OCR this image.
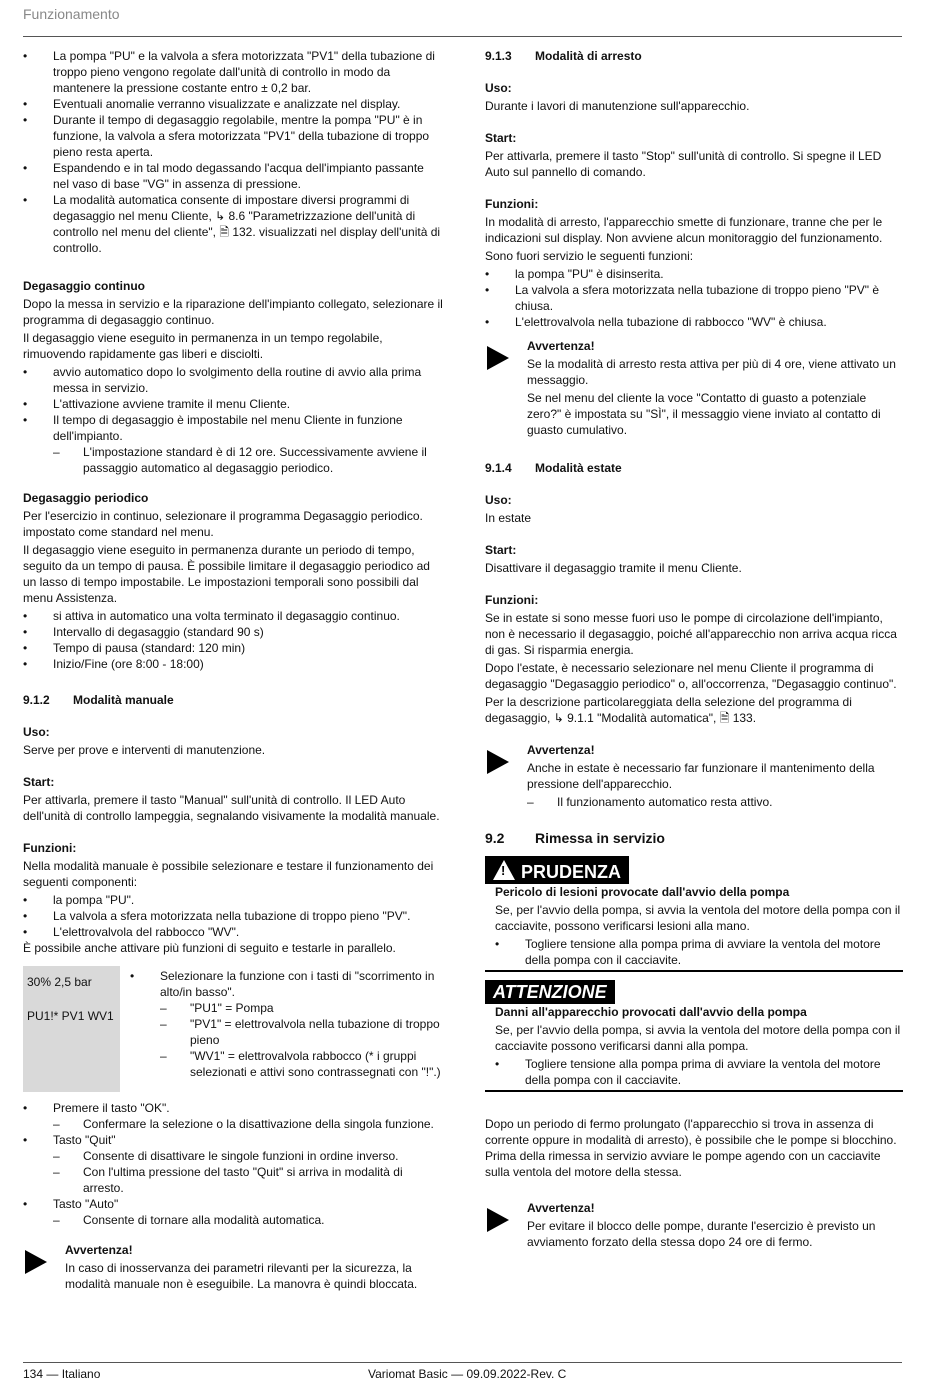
Funzionamento
• La pompa "PU" e la valvola a sfera motorizzata "PV1" della tubazione di troppo pieno vengono regolate dall'unità di controllo in modo da mantenere la pressione costante entro ± 0,2 bar.
• Eventuali anomalie verranno visualizzate e analizzate nel display.
• Durante il tempo di degasaggio regolabile, mentre la pompa "PU" è in funzione, la valvola a sfera motorizzata "PV1" della tubazione di troppo pieno resta aperta.
• Espandendo e in tal modo degassando l'acqua dell'impianto passante nel vaso di base "VG" in assenza di pressione.
• La modalità automatica consente di impostare diversi programmi di degasaggio nel menu Cliente, ↳ 8.6 "Parametrizzazione dell'unità di controllo nel menu del cliente", 🗎 132. visualizzati nel display dell'unità di controllo.

Degasaggio continuo

Dopo la messa in servizio e la riparazione dell'impianto collegato, selezionare il programma di degasaggio continuo.

Il degasaggio viene eseguito in permanenza in un tempo regolabile, rimuovendo rapidamente gas liberi e disciolti.

• avvio automatico dopo lo svolgimento della routine di avvio alla prima messa in servizio.
• L'attivazione avviene tramite il menu Cliente.
• Il tempo di degasaggio è impostabile nel menu Cliente in funzione dell'impianto.
– L'impostazione standard è di 12 ore. Successivamente avviene il passaggio automatico al degasaggio periodico.

Degasaggio periodico

Per l'esercizio in continuo, selezionare il programma Degasaggio periodico. impostato come standard nel menu.

Il degasaggio viene eseguito in permanenza durante un periodo di tempo, seguito da un tempo di pausa. È possibile limitare il degasaggio periodico ad un lasso di tempo impostabile. Le impostazioni temporali sono possibili dal menu Assistenza.

• si attiva in automatico una volta terminato il degasaggio continuo.
• Intervallo di degasaggio (standard 90 s)
• Tempo di pausa (standard: 120 min)
• Inizio/Fine (ore 8:00 - 18:00)

9.1.2 Modalità manuale

Uso:

Serve per prove e interventi di manutenzione.

Start:

Per attivarla, premere il tasto "Manual" sull'unità di controllo. Il LED Auto dell'unità di controllo lampeggia, segnalando visivamente la modalità manuale.

Funzioni:

Nella modalità manuale è possibile selezionare e testare il funzionamento dei seguenti componenti:

• la pompa "PU".
• La valvola a sfera motorizzata nella tubazione di troppo pieno "PV".
• L'elettrovalvola del rabbocco "WV".

È possibile anche attivare più funzioni di seguito e testarle in parallelo.

30% 2,5 bar

PU1!* PV1 WV1

• Selezionare la funzione con i tasti di "scorrimento in alto/in basso".
– "PU1" = Pompa
– "PV1" = elettrovalvola nella tubazione di troppo pieno
– "WV1" = elettrovalvola rabbocco (* i gruppi selezionati e attivi sono contrassegnati con "!".)
• Premere il tasto "OK".
– Confermare la selezione o la disattivazione della singola funzione.
• Tasto "Quit"
– Consente di disattivare le singole funzioni in ordine inverso.
– Con l'ultima pressione del tasto "Quit" si arriva in modalità di arresto.
• Tasto "Auto"
– Consente di tornare alla modalità automatica.

Avvertenza!

In caso di inosservanza dei parametri rilevanti per la sicurezza, la modalità manuale non è eseguibile. La manovra è quindi bloccata.

9.1.3 Modalità di arresto

Uso:

Durante i lavori di manutenzione sull'apparecchio.

Start:

Per attivarla, premere il tasto "Stop" sull'unità di controllo. Si spegne il LED Auto sul pannello di comando.

Funzioni:

In modalità di arresto, l'apparecchio smette di funzionare, tranne che per le indicazioni sul display. Non avviene alcun monitoraggio del funzionamento.

Sono fuori servizio le seguenti funzioni:

• la pompa "PU" è disinserita.
• La valvola a sfera motorizzata nella tubazione di troppo pieno "PV" è chiusa.
• L'elettrovalvola nella tubazione di rabbocco "WV" è chiusa.

Avvertenza!

Se la modalità di arresto resta attiva per più di 4 ore, viene attivato un messaggio.

Se nel menu del cliente la voce "Contatto di guasto a potenziale zero?" è impostata su "SÌ", il messaggio viene inviato al contatto di guasto cumulativo.

9.1.4 Modalità estate

Uso:

In estate

Start:

Disattivare il degasaggio tramite il menu Cliente.

Funzioni:

Se in estate si sono messe fuori uso le pompe di circolazione dell'impianto, non è necessario il degasaggio, poiché all'apparecchio non arriva acqua ricca di gas. Si risparmia energia.

Dopo l'estate, è necessario selezionare nel menu Cliente il programma di degasaggio "Degasaggio periodico" o, all'occorrenza, "Degasaggio continuo".

Per la descrizione particolareggiata della selezione del programma di degasaggio, ↳ 9.1.1 "Modalità automatica", 🗎 133.

Avvertenza!

Anche in estate è necessario far funzionare il mantenimento della pressione dell'apparecchio.

– Il funzionamento automatico resta attivo.

9.2 Rimessa in servizio

! PRUDENZA

Pericolo di lesioni provocate dall'avvio della pompa

Se, per l'avvio della pompa, si avvia la ventola del motore della pompa con il cacciavite, possono verificarsi lesioni alla mano.

• Togliere tensione alla pompa prima di avviare la ventola del motore della pompa con il cacciavite.
ATTENZIONE

Danni all'apparecchio provocati dall'avvio della pompa

Se, per l'avvio della pompa, si avvia la ventola del motore della pompa con il cacciavite possono verificarsi danni alla pompa.

• Togliere tensione alla pompa prima di avviare la ventola del motore della pompa con il cacciavite.

Dopo un periodo di fermo prolungato (l'apparecchio si trova in assenza di corrente oppure in modalità di arresto), è possibile che le pompe si blocchino. Prima della rimessa in servizio avviare le pompe agendo con un cacciavite sulla ventola del motore della stessa.

Avvertenza!

Per evitare il blocco delle pompe, durante l'esercizio è previsto un avviamento forzato della stessa dopo 24 ore di fermo.

134 — Italiano	Variomat Basic — 09.09.2022-Rev. C
